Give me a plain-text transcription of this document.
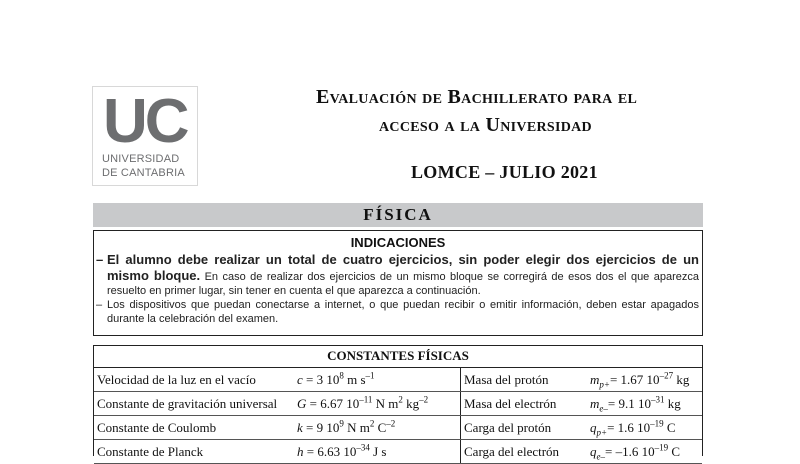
UC
UNIVERSIDAD
DE CANTABRIA
Evaluación de Bachillerato para el
acceso a la Universidad
LOMCE – JULIO 2021
FÍSICA
INDICACIONES

– El alumno debe realizar un total de cuatro ejercicios, sin poder elegir dos ejercicios de un mismo bloque. En caso de realizar dos ejercicios de un mismo bloque se corregirá de esos dos el que aparezca resuelto en primer lugar, sin tener en cuenta el que aparezca a continuación.

– Los dispositivos que puedan conectarse a internet, o que puedan recibir o emitir información, deben estar apagados durante la celebración del examen.

CONSTANTES FÍSICAS
Velocidad de la luz en el vacío	c = 3 $10^8$ m $s^{-1}$	Masa del protón	$m_{p+}= 1.67$ $10^{-27}$ kg
Constante de gravitación universal	G = 6.67 $10^{-11}$ N $m^2$ $kg^{-2}$	Masa del electrón	$m_{e-}= 9.1$ $10^{-31}$ kg
Constante de Coulomb	k = 9 $10^9$ N $m^2$ $C^{-2}$	Carga del protón	$q_{p+}= 1.6$ $10^{-19}$ C
Constante de Planck	h = 6.63 $10^{-34}$ J s	Carga del electrón	$q_{e-}= -1.6$ $10^{-19}$ C
